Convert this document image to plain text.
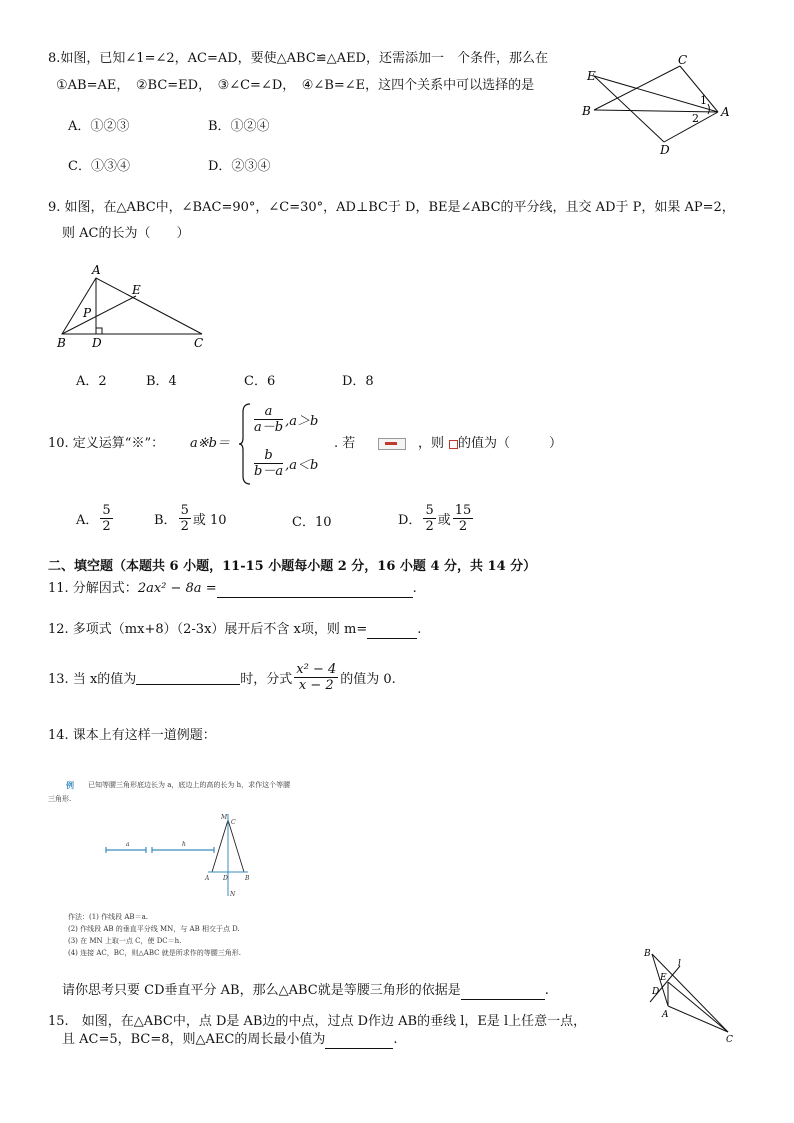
8.如图，已知∠1=∠2，AC=AD，要使△ABC≌△AED，还需添加一　个条件，那么在
①AB=AE，　②BC=ED，　③∠C=∠D，　④∠B=∠E，这四个关系中可以选择的是
A．①②③	B．①②④
C．①③④	D．②③④
E
C
B
1
2 A
D
9. 如图，在△ABC中，∠BAC=90°，∠C=30°，AD⊥BC于 D，BE是∠ABC的平分线，且交 AD于 P，如果 AP=2，
则 AC的长为（　　）
A
E
P
B D	C
A．2	B．4	C．6	D．8
10. 定义运算“※”： a※b＝
$\frac{a}{a-b} ,a>b$
$\frac{b}{b-a} ,a<b$
. 若	，则 的值为（　　　）
A． $\frac{5}{2}$	B． $\frac{5}{2}$ 或 10	C．10	D． $\frac{5}{2}$ 或 $\frac{15}{2}$
二、填空题（本题共 6 小题，11-15 小题每小题 2 分，16 小题 4 分，共 14 分）
11. 分解因式：2ax² − 8a =	.
12. 多项式（mx+8）（2-3x）展开后不含 x项，则 m=	.
13. 当 x的值为	时，分式 $\frac{\text{x² − 4}}{x - 2}$ 的值为 0.
14. 课本上有这样一道例题：
例 已知等腰三角形底边长为 a，底边上的高的长为 h，求作这个等腰
三角形.
a	h
M
C
A D	B
N
作法：(1) 作线段 AB＝a.
(2) 作线段 AB 的垂直平分线 MN，与 AB 相交于点 D.
(3) 在 MN 上取一点 C，使 DC＝h.
(4) 连接 AC，BC，则△ABC 就是所求作的等腰三角形.
请你思考只要 CD垂直平分 AB，那么△ABC就是等腰三角形的依据是	.
15.　 如图，在△ABC中，点 D是 AB边的中点，过点 D作边 AB的垂线 l，E是 l上任意一点，
且 AC=5，BC=8，则△AEC的周长最小值为	.
B
l
E
D
A
C
